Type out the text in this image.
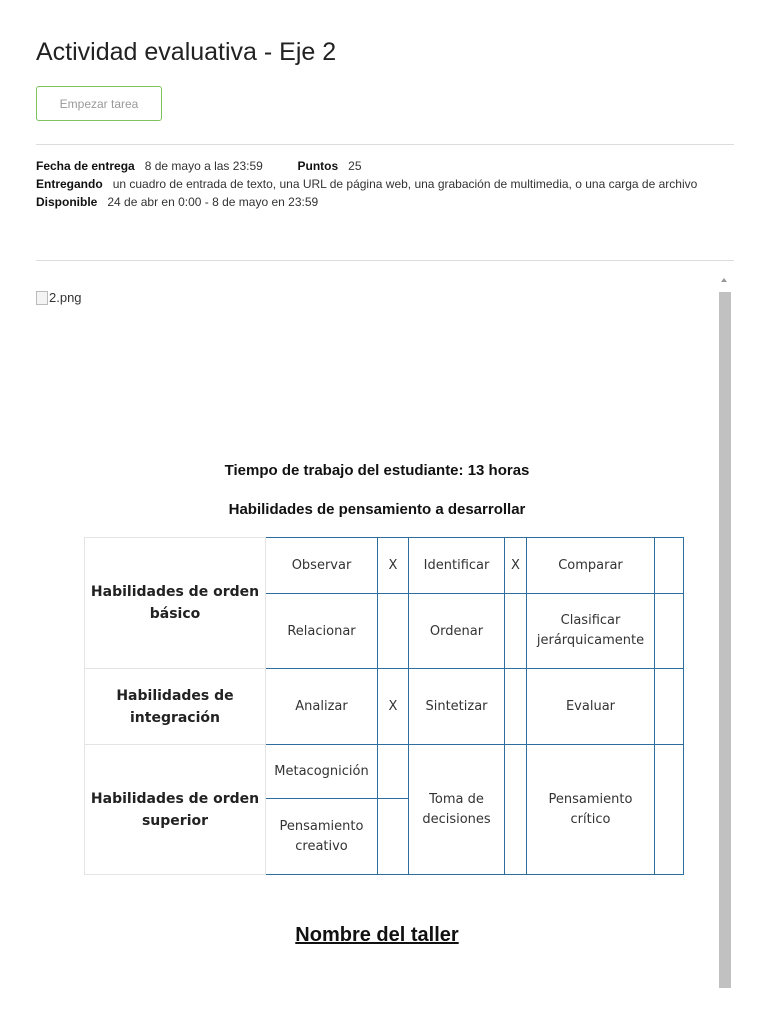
Actividad evaluativa - Eje 2
Empezar tarea
Fecha de entrega 8 de mayo a las 23:59	Puntos 25
Entregando un cuadro de entrada de texto, una URL de página web, una grabación de multimedia, o una carga de archivo
Disponible 24 de abr en 0:00 - 8 de mayo en 23:59
2.png
Tiempo de trabajo del estudiante: 13 horas
Habilidades de pensamiento a desarrollar
Habilidades de orden básico	Observar	X	Identificar	X	Comparar	
	Relacionar		Ordenar		Clasificar jerárquicamente	
Habilidades de integración	Analizar	X	Sintetizar		Evaluar	
Habilidades de orden superior	Metacognición		Toma de decisiones		Pensamiento crítico	
	Pensamiento creativo					
Nombre del taller
